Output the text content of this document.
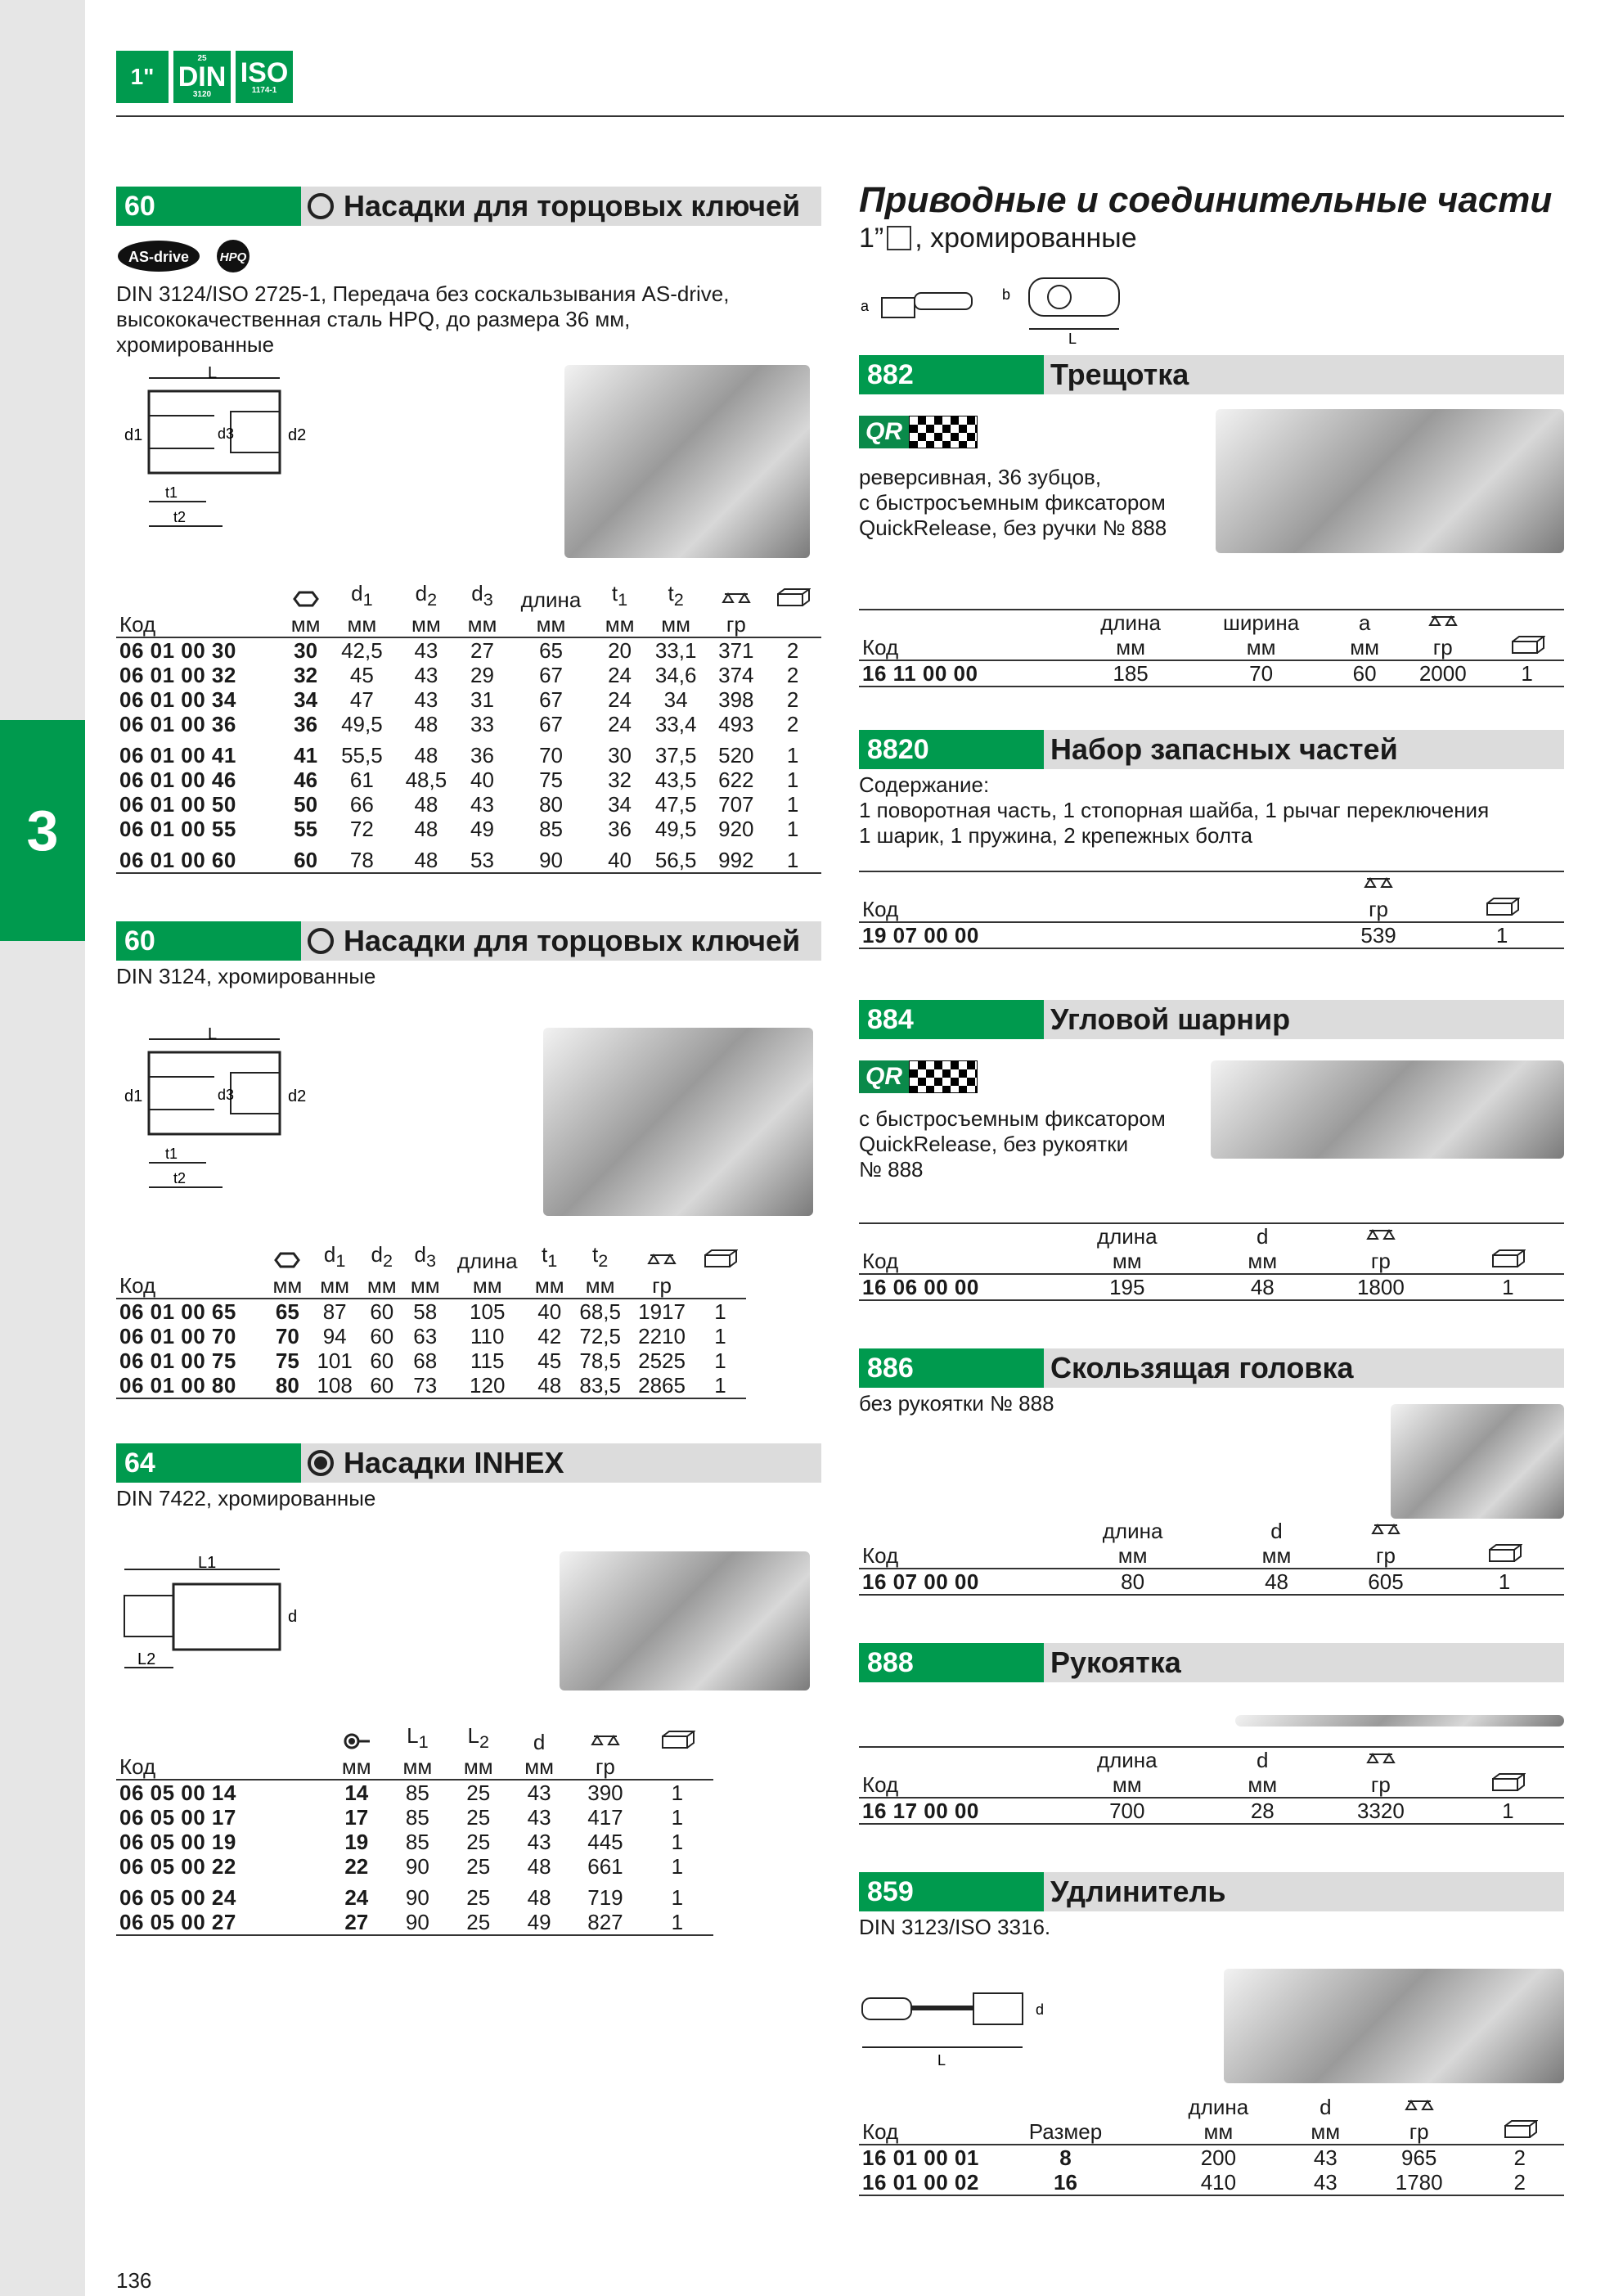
3
1"
25
DIN
3120
ISO
1174-1
60	Насадки для торцовых ключей
AS-drive	HPQ
DIN 3124/ISO 2725-1, Передача без соскальзывания AS-drive,
высококачественная сталь HPQ, до размера 36 мм,
хромированные
L
d1	d3	d2
t1
t2
		$d_1$	$d_2$	$d_3$	длина	$t_1$	$t_2$		
Код	мм	мм	мм	мм	мм	мм	мм	гр	
06 01 00 30	30	42,5	43	27	65	20	33,1	371	2
06 01 00 32	32	45	43	29	67	24	34,6	374	2
06 01 00 34	34	47	43	31	67	24	34	398	2
06 01 00 36	36	49,5	48	33	67	24	33,4	493	2
06 01 00 41	41	55,5	48	36	70	30	37,5	520	1
06 01 00 46	46	61	48,5	40	75	32	43,5	622	1
06 01 00 50	50	66	48	43	80	34	47,5	707	1
06 01 00 55	55	72	48	49	85	36	49,5	920	1
06 01 00 60	60	78	48	53	90	40	56,5	992	1
60	Насадки для торцовых ключей
DIN 3124, хромированные
L
d1	d3	d2
t1
t2
		$d_1$	$d_2$	$d_3$	длина	$t_1$	$t_2$		
Код	мм	мм	мм	мм	мм	мм	мм	гр	
06 01 00 65	65	87	60	58	105	40	68,5	1917	1
06 01 00 70	70	94	60	63	110	42	72,5	2210	1
06 01 00 75	75	101	60	68	115	45	78,5	2525	1
06 01 00 80	80	108	60	73	120	48	83,5	2865	1
64	Насадки INHEX
DIN 7422, хромированные
L1
d
L2
		$L_1$	$L_2$	d		
Код	мм	мм	мм	мм	гр	
06 05 00 14	14	85	25	43	390	1
06 05 00 17	17	85	25	43	417	1
06 05 00 19	19	85	25	43	445	1
06 05 00 22	22	90	25	48	661	1
06 05 00 24	24	90	25	48	719	1
06 05 00 27	27	90	25	49	827	1
Приводные и соединительные части
1” , хромированные
a
b
L
882	Трещотка
QR
реверсивная, 36 зубцов,
с быстросъемным фиксатором
QuickRelease, без ручки № 888
	длина	ширина	a		
Код	мм	мм	мм	гр	
16 11 00 00	185	70	60	2000	1
8820	Набор запасных частей
Содержание:
1 поворотная часть, 1 стопорная шайба, 1 рычаг переключения
1 шарик, 1 пружина, 2 крепежных болта

Код	гр	
19 07 00 00	539	1
884	Угловой шарнир
QR
с быстросъемным фиксатором
QuickRelease, без рукоятки
№ 888
	длина	d		
Код	мм	мм	гр	
16 06 00 00	195	48	1800	1
886	Скользящая головка
без рукоятки № 888
	длина	d		
Код	мм	мм	гр	
16 07 00 00	80	48	605	1
888	Рукоятка
	длина	d		
Код	мм	мм	гр	
16 17 00 00	700	28	3320	1
859	Удлинитель
DIN 3123/ISO 3316.
d
L
		длина	d		
Код	Размер	мм	мм	гр	
16 01 00 01	8	200	43	965	2
16 01 00 02	16	410	43	1780	2
136
